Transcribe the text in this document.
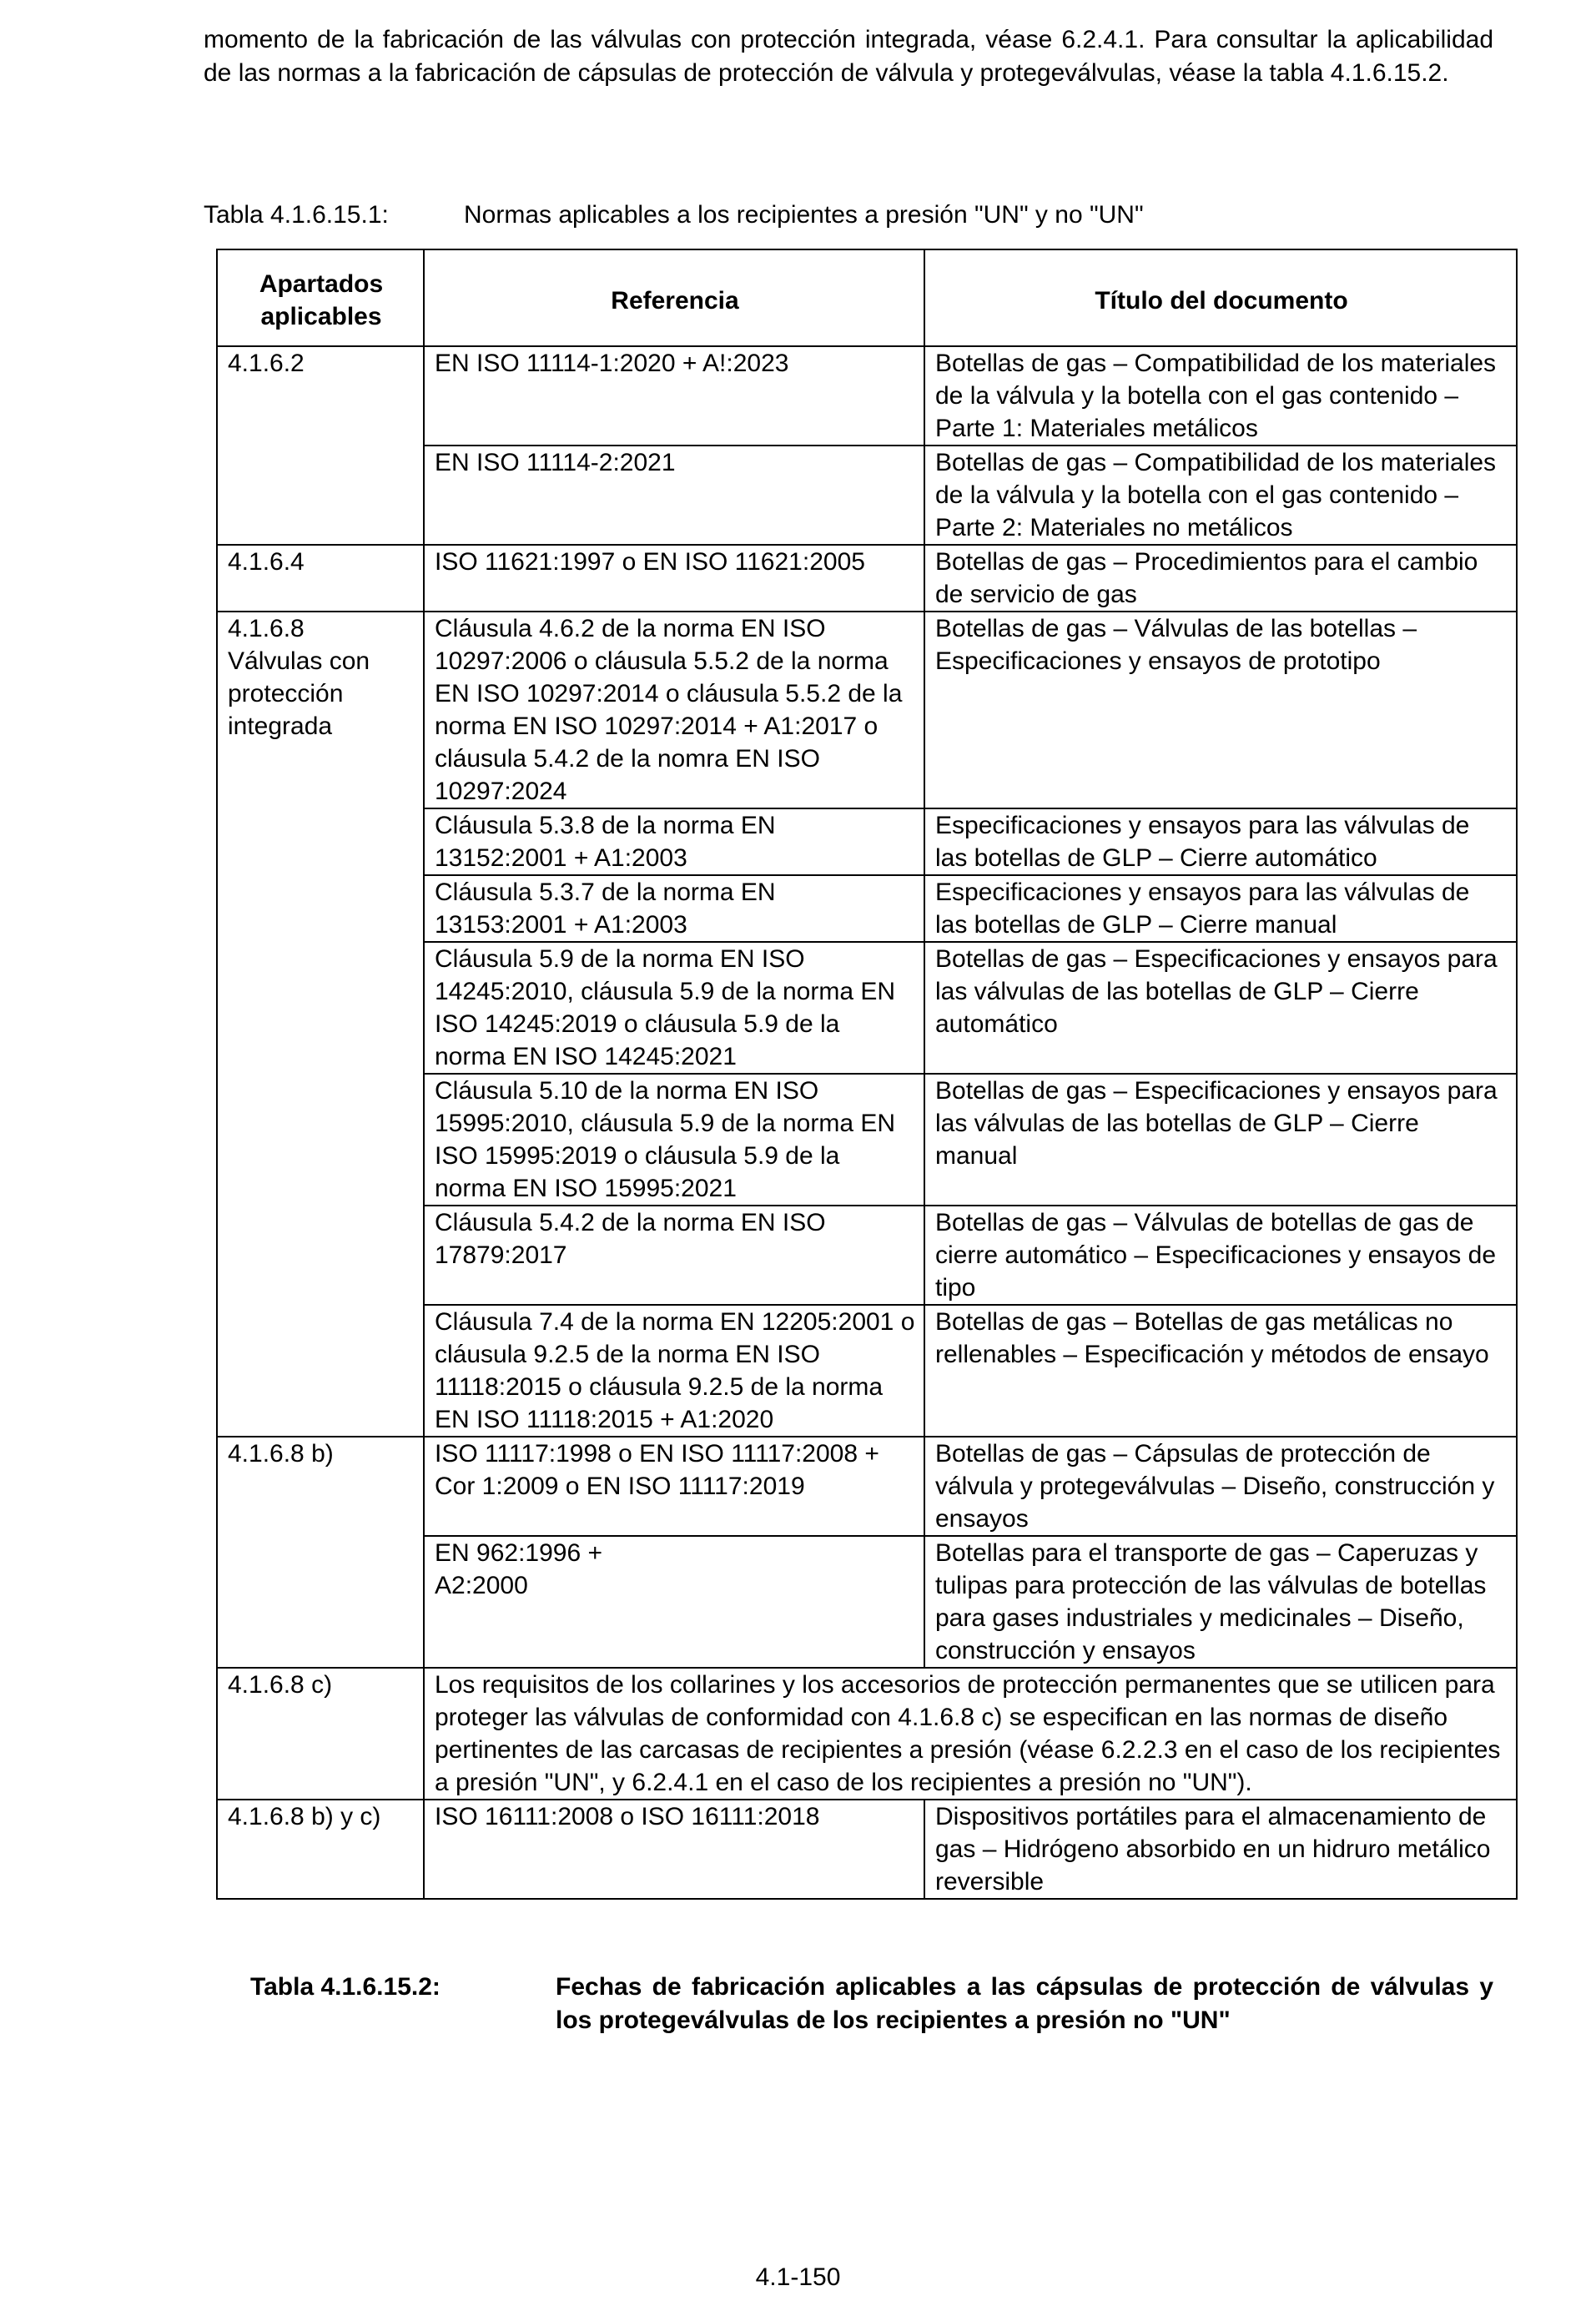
momento de la fabricación de las válvulas con protección integrada, véase 6.2.4.1. Para consultar la aplicabilidad de las normas a la fabricación de cápsulas de protección de válvula y protegeválvulas, véase la tabla 4.1.6.15.2.

Tabla 4.1.6.15.1:	Normas aplicables a los recipientes a presión "UN" y no "UN"

Apartados aplicables	Referencia	Título del documento
4.1.6.2	EN ISO 11114-1:2020 + A!:2023	Botellas de gas – Compatibilidad de los materiales de la válvula y la botella con el gas contenido – Parte 1: Materiales metálicos
	EN ISO 11114-2:2021	Botellas de gas – Compatibilidad de los materiales de la válvula y la botella con el gas contenido – Parte 2: Materiales no metálicos
4.1.6.4	ISO 11621:1997 o EN ISO 11621:2005	Botellas de gas – Procedimientos para el cambio de servicio de gas
4.1.6.8 Válvulas con protección integrada	Cláusula 4.6.2 de la norma EN ISO 10297:2006 o cláusula 5.5.2 de la norma EN ISO 10297:2014 o cláusula 5.5.2 de la norma EN ISO 10297:2014 + A1:2017 o cláusula 5.4.2 de la nomra EN ISO 10297:2024	Botellas de gas – Válvulas de las botellas – Especificaciones y ensayos de prototipo
	Cláusula 5.3.8 de la norma EN 13152:2001 + A1:2003	Especificaciones y ensayos para las válvulas de las botellas de GLP – Cierre automático
	Cláusula 5.3.7 de la norma EN 13153:2001 + A1:2003	Especificaciones y ensayos para las válvulas de las botellas de GLP – Cierre manual
	Cláusula 5.9 de la norma EN ISO 14245:2010, cláusula 5.9 de la norma EN ISO 14245:2019 o cláusula 5.9 de la norma EN ISO 14245:2021	Botellas de gas – Especificaciones y ensayos para las válvulas de las botellas de GLP – Cierre automático
	Cláusula 5.10 de la norma EN ISO 15995:2010, cláusula 5.9 de la norma EN ISO 15995:2019 o cláusula 5.9 de la norma EN ISO 15995:2021	Botellas de gas – Especificaciones y ensayos para las válvulas de las botellas de GLP – Cierre manual
	Cláusula 5.4.2 de la norma EN ISO 17879:2017	Botellas de gas – Válvulas de botellas de gas de cierre automático – Especificaciones y ensayos de tipo
	Cláusula 7.4 de la norma EN 12205:2001 o cláusula 9.2.5 de la norma EN ISO 11118:2015 o cláusula 9.2.5 de la norma EN ISO 11118:2015 + A1:2020	Botellas de gas – Botellas de gas metálicas no rellenables – Especificación y métodos de ensayo
4.1.6.8 b)	ISO 11117:1998 o EN ISO 11117:2008 + Cor 1:2009 o EN ISO 11117:2019	Botellas de gas – Cápsulas de protección de válvula y protegeválvulas – Diseño, construcción y ensayos
	EN 962:1996 + A2:2000	Botellas para el transporte de gas – Caperuzas y tulipas para protección de las válvulas de botellas para gases industriales y medicinales – Diseño, construcción y ensayos
4.1.6.8 c)	Los requisitos de los collarines y los accesorios de protección permanentes que se utilicen para proteger las válvulas de conformidad con 4.1.6.8 c) se especifican en las normas de diseño pertinentes de las carcasas de recipientes a presión (véase 6.2.2.3 en el caso de los recipientes a presión "UN", y 6.2.4.1 en el caso de los recipientes a presión no "UN").	
4.1.6.8 b) y c)	ISO 16111:2008 o ISO 16111:2018	Dispositivos portátiles para el almacenamiento de gas – Hidrógeno absorbido en un hidruro metálico reversible
Tabla 4.1.6.15.2:	Fechas de fabricación aplicables a las cápsulas de protección de válvulas y los protegeválvulas de los recipientes a presión no "UN"
4.1-150
